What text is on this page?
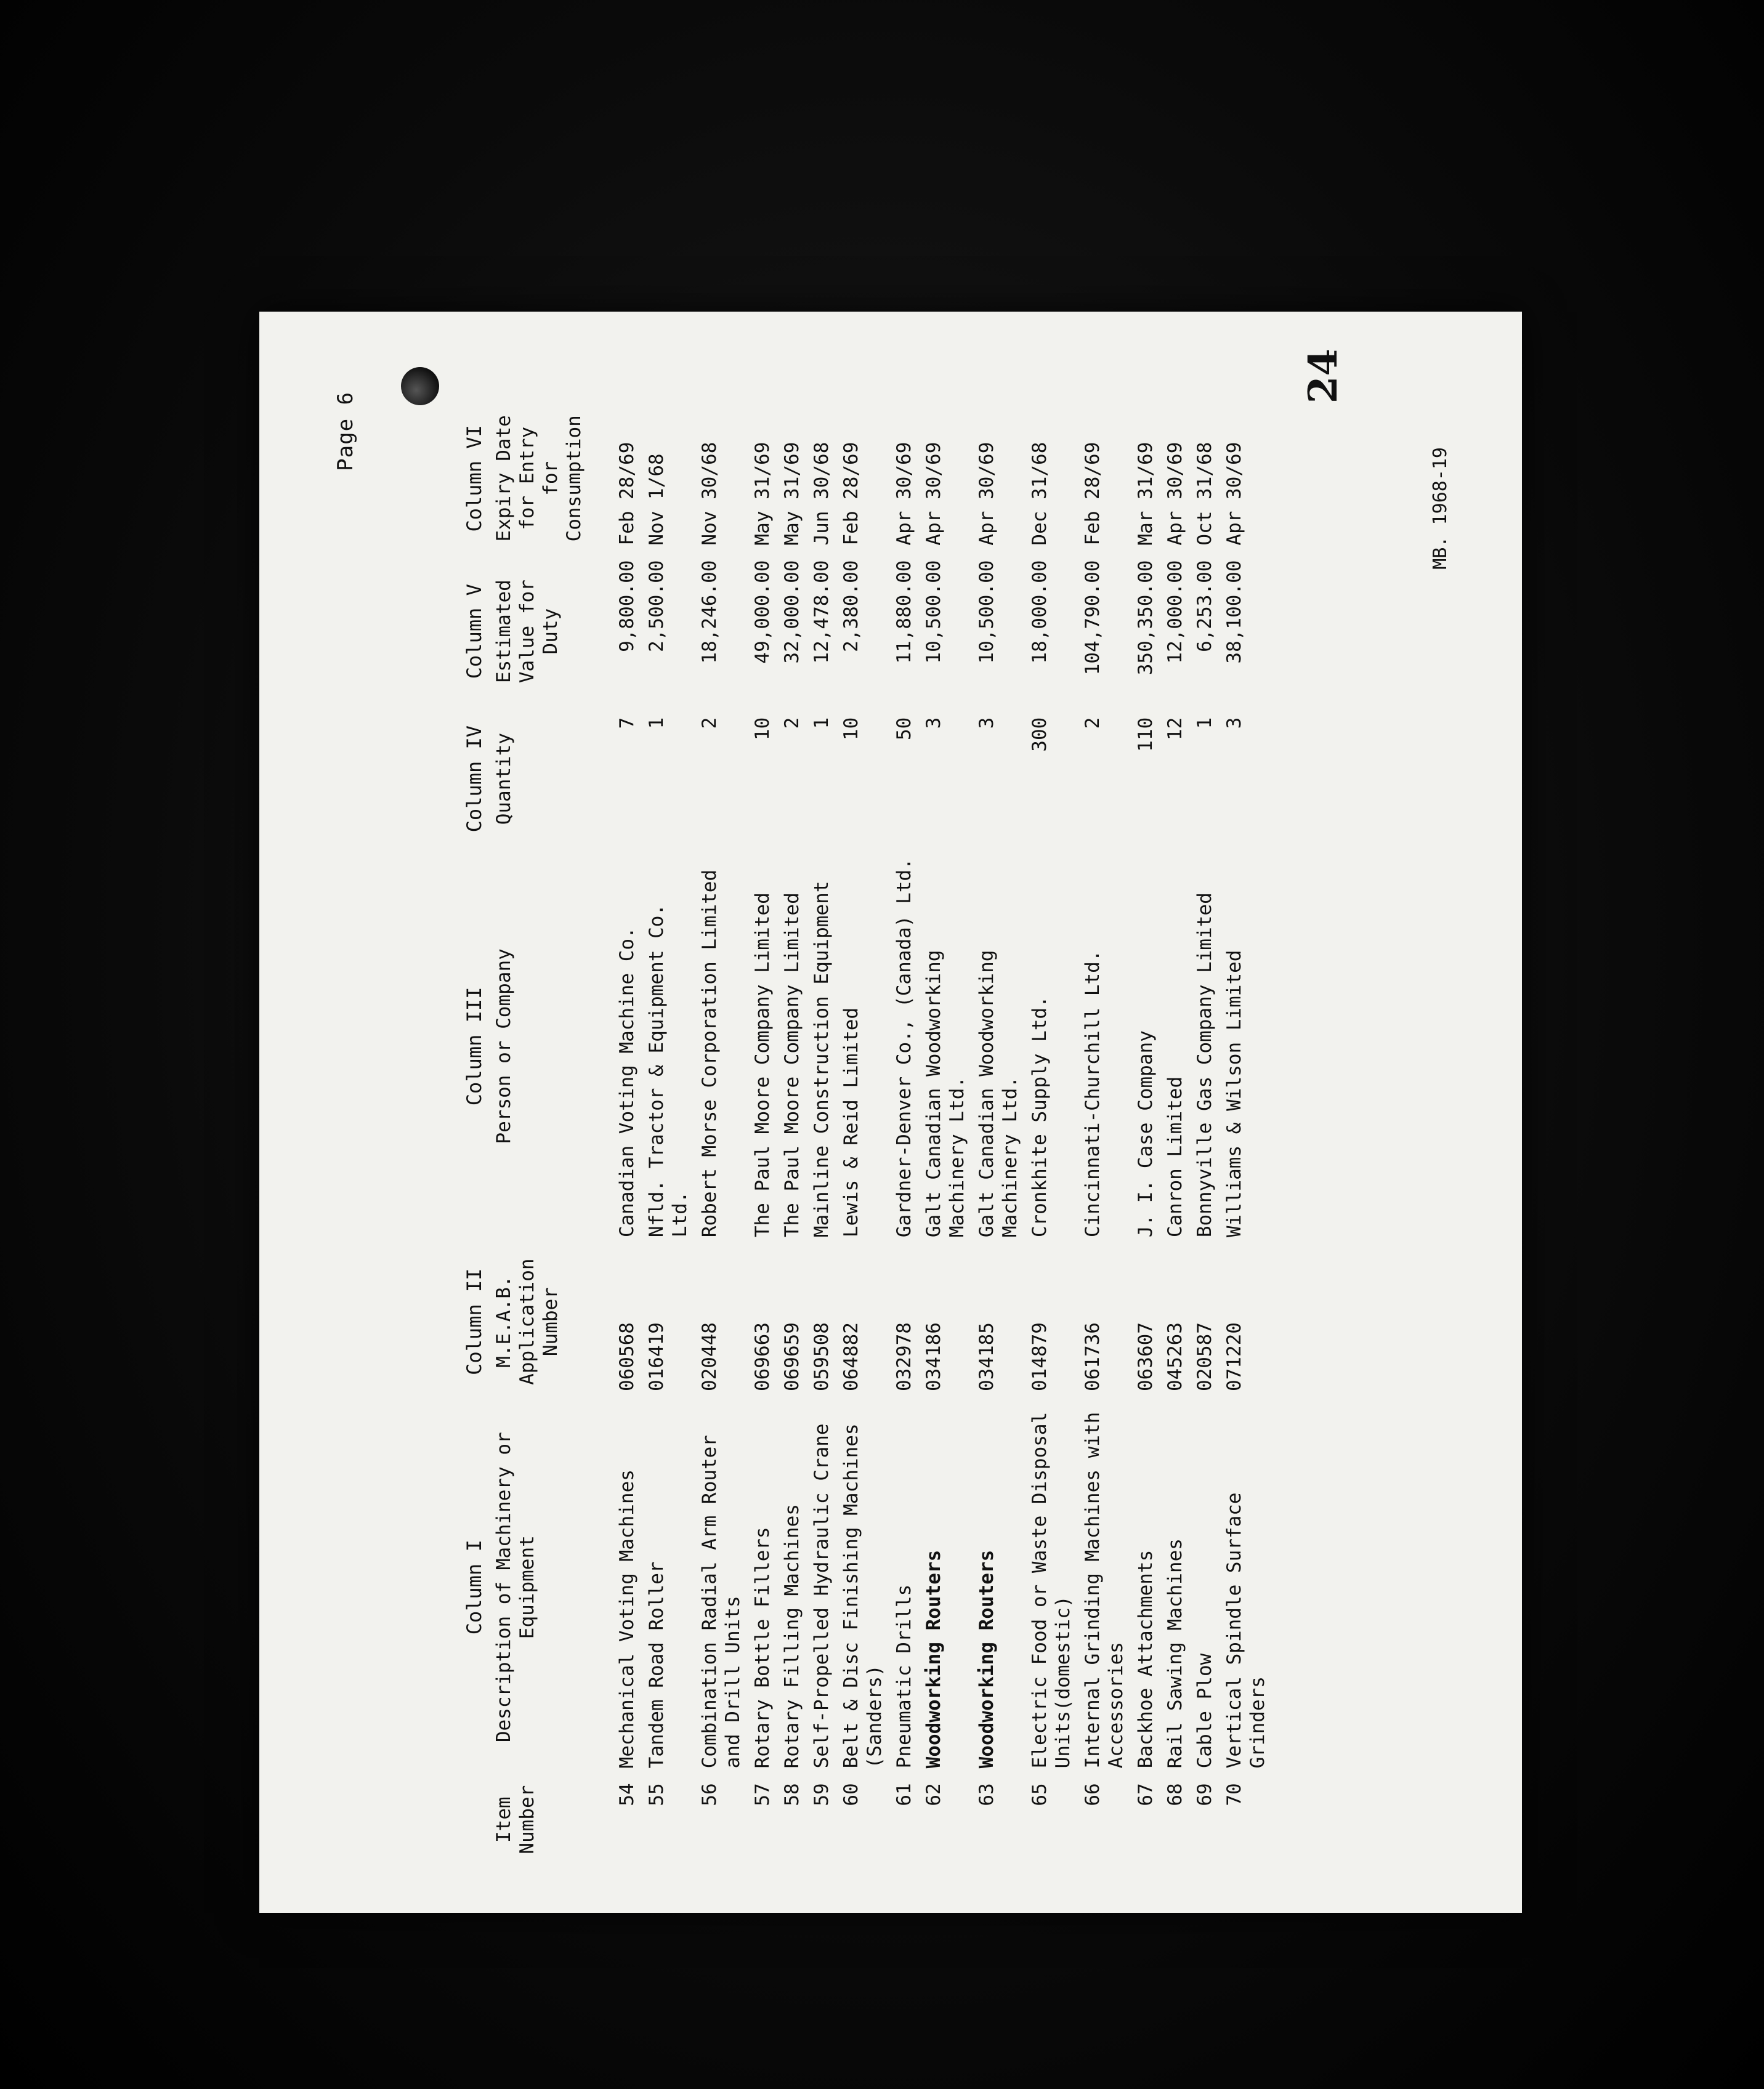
Page 6
24
MB. 1968-19
	Column I	Column II	Column III	Column IV	Column V	Column VI
Item Number	Description of Machinery or Equipment	M.E.A.B. Application Number	Person or Company	Quantity	Estimated Value for Duty	Expiry Date for Entry for Consumption
54	Mechanical Voting Machines	060568	Canadian Voting Machine Co.	7	9,800.00	Feb 28/69
55	Tandem Road Roller	016419	Nfld. Tractor & Equipment Co. Ltd.	1	2,500.00	Nov 1/68
56	Combination Radial Arm Router and Drill Units	020448	Robert Morse Corporation Limited	2	18,246.00	Nov 30/68
57	Rotary Bottle Fillers	069663	The Paul Moore Company Limited	10	49,000.00	May 31/69
58	Rotary Filling Machines	069659	The Paul Moore Company Limited	2	32,000.00	May 31/69
59	Self-Propelled Hydraulic Crane	059508	Mainline Construction Equipment	1	12,478.00	Jun 30/68
60	Belt & Disc Finishing Machines (Sanders)	064882	Lewis & Reid Limited	10	2,380.00	Feb 28/69
61	Pneumatic Drills	032978	Gardner-Denver Co., (Canada) Ltd.	50	11,880.00	Apr 30/69
62	Woodworking Routers	034186	Galt Canadian Woodworking Machinery Ltd.	3	10,500.00	Apr 30/69
63	Woodworking Routers	034185	Galt Canadian Woodworking Machinery Ltd.	3	10,500.00	Apr 30/69
65	Electric Food or Waste Disposal Units(domestic)	014879	Cronkhite Supply Ltd.	300	18,000.00	Dec 31/68
66	Internal Grinding Machines with Accessories	061736	Cincinnati-Churchill Ltd.	2	104,790.00	Feb 28/69
67	Backhoe Attachments	063607	J. I. Case Company	110	350,350.00	Mar 31/69
68	Rail Sawing Machines	045263	Canron Limited	12	12,000.00	Apr 30/69
69	Cable Plow	020587	Bonnyville Gas Company Limited	1	6,253.00	Oct 31/68
70	Vertical Spindle Surface Grinders	071220	Williams & Wilson Limited	3	38,100.00	Apr 30/69
